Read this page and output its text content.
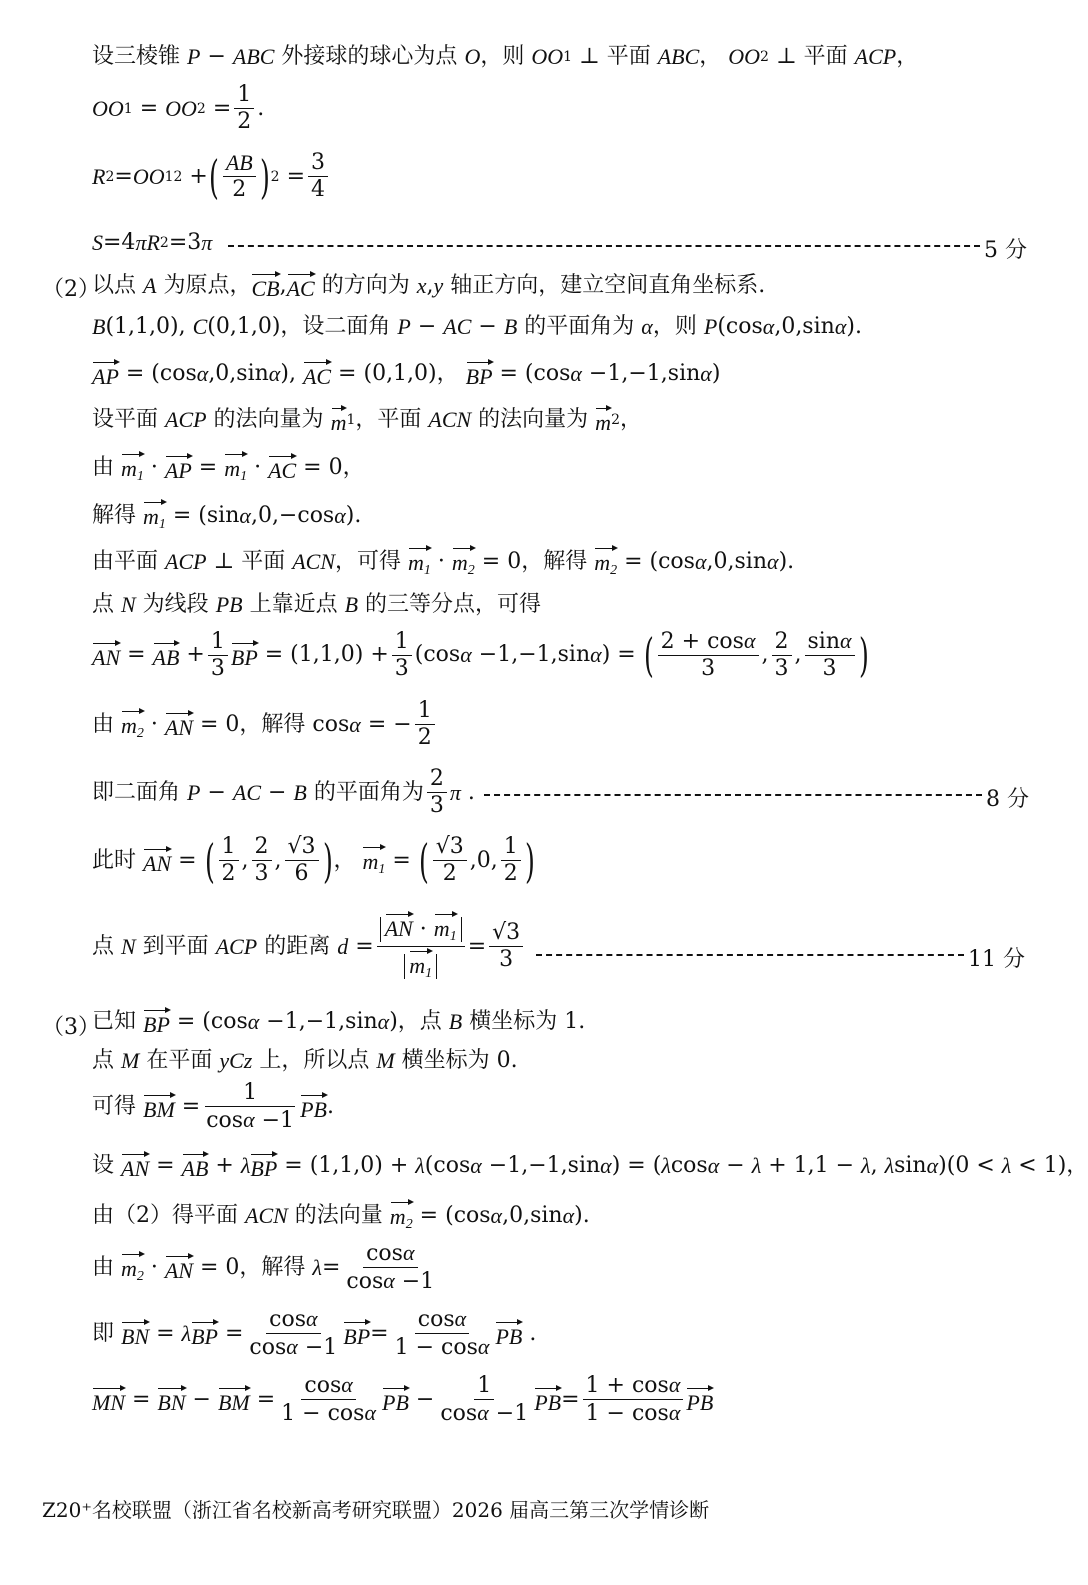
设三棱锥 P − ABC 外接球的球心为点 O ，则 OO 1 ⊥ 平面 ABC ， OO 2 ⊥ 平面 ACP ，
OO 1 = OO $2 = \frac{1}{2}$ .
R 2 = OO 1 2 + ( $\frac{AB}{2}$ ) $2 = \frac{3}{4}$
S =4 π R 2 =3 π	5 分
（2）
以点 A 为原点， CB , AC 的方向为 x , y 轴正方向，建立空间直角坐标系.
B (1,1,0), C (0,1,0)，设二面角 P − AC − B 的平面角为 α ，则 P (cos α ,0,sin α ).
AP = (cos α ,0,sin α ), AC = (0,1,0)， BP = (cos α −1,−1,sin α )
设平面 ACP 的法向量为 m 1 ，平面 ACN 的法向量为 m 2 ，
由 $m_1$ · AP = $m_1$ · AC = 0，
解得 $m_1 = (\sin$ α ,0,−cos α ).
由平面 ACP ⊥ 平面 ACN ，可得 $m_1 \cdot m_2 = 0$，解得 $m_2 = (\cos$ α ,0,sin α ).
点 N 为线段 PB 上靠近点 B 的三等分点，可得
AN = AB + $\frac{1}{3}$ BP = $(1,1,0) + \frac{1}{3} (\cos$ α −1,−1,sin α ) = ( $\frac{2 + \cos\alpha}{3}$ , $\frac{2}{3}$ , $\frac{\sin\alpha}{3}$ )
由 $m_2$ · AN = 0，解得 cos α = − $\frac{1}{2}$
即二面角 P − AC − B 的平面角为 $\frac{2}{3}$ π .	8 分
此时 AN = ( $\frac{1}{2}$ , $\frac{2}{3}$ , $\frac{√3}{6}$ ) ， $m_1$ = ( $\frac{√3}{2} ,0$, $\frac{1}{2}$ )
点 N 到平面 ACP 的距离 $d = \frac{AN \cdot m_1}{m_1} = \frac{√3}{3}$	11 分
（3）
已知 BP = (cos α −1,−1,sin α )，点 B 横坐标为 1.
点 M 在平面 yCz 上，所以点 M 横坐标为 0.
可得 BM = $\frac{1}{\cos\alpha -1}$ PB .
设 AN = AB + λ BP = (1,1,0) + λ (cos α −1,−1,sin α ) = ( λ cos α − λ + 1,1 − λ , λ sin α )(0 < λ < 1)，
由（2）得平面 ACN 的法向量 $m_2 = (\cos$ α ,0,sin α ).
由 $m_2$ · AN = 0，解得 $\lambda = \frac{\cos\alpha}{\cos\alpha -1}$
即 BN = λ BP = $\frac{\cos\alpha}{\cos\alpha -1}$ BP = $\frac{\cos\alpha}{1 - \cos\alpha}$ PB .
MN = BN − BM = $\frac{\cos\alpha}{1 - \cos\alpha}$ PB − $\frac{1}{\cos\alpha -1}$ PB = $\frac{1 + \cos\alpha}{1 - \cos\alpha}$ PB
Z20⁺名校联盟（浙江省名校新高考研究联盟）2026 届高三第三次学情诊断
